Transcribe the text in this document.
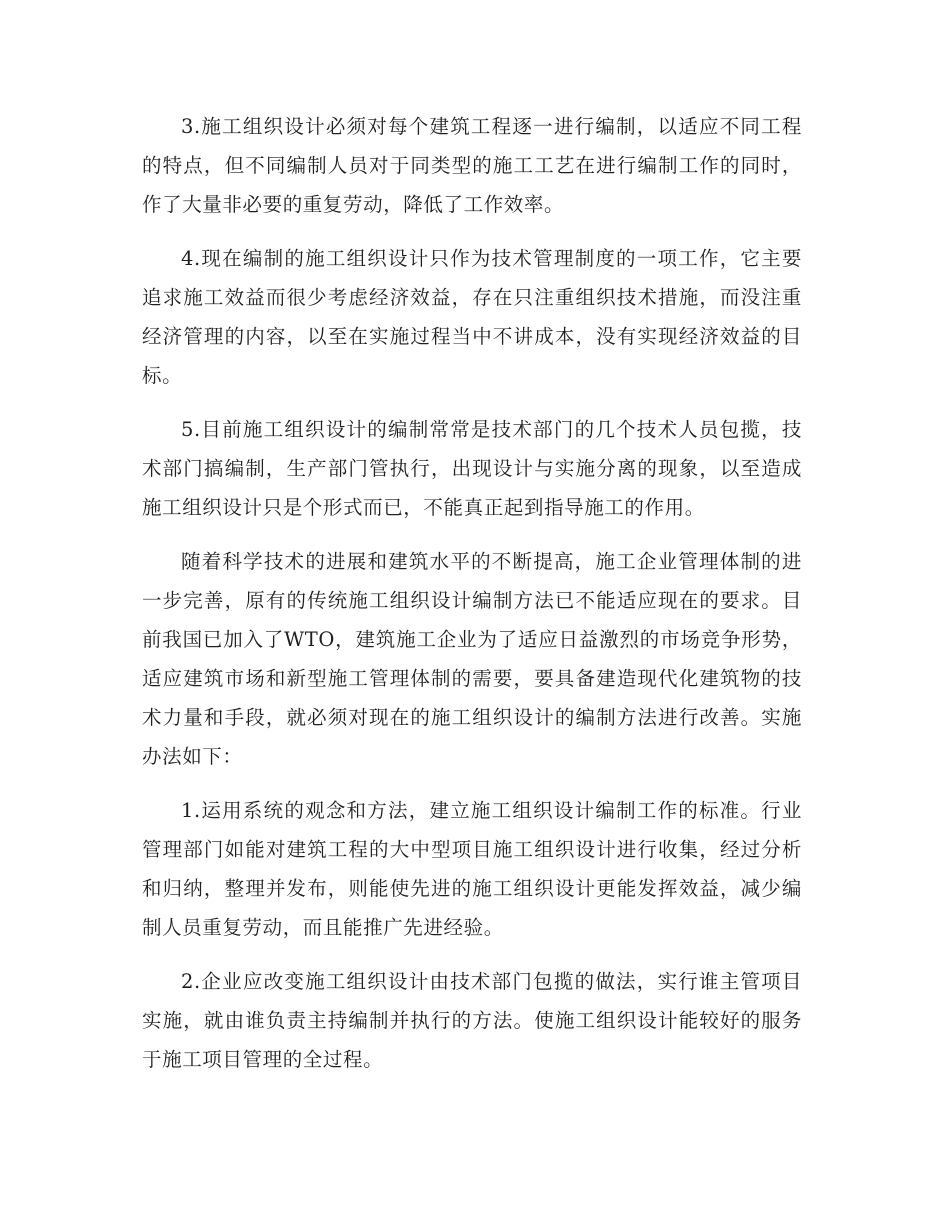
3.施工组织设计必须对每个建筑工程逐一进行编制，以适应不同工程的特点，但不同编制人员对于同类型的施工工艺在进行编制工作的同时，作了大量非必要的重复劳动，降低了工作效率。

4.现在编制的施工组织设计只作为技术管理制度的一项工作，它主要追求施工效益而很少考虑经济效益，存在只注重组织技术措施，而没注重经济管理的内容，以至在实施过程当中不讲成本，没有实现经济效益的目标。

5.目前施工组织设计的编制常常是技术部门的几个技术人员包揽，技术部门搞编制，生产部门管执行，出现设计与实施分离的现象，以至造成施工组织设计只是个形式而已，不能真正起到指导施工的作用。

随着科学技术的进展和建筑水平的不断提高，施工企业管理体制的进一步完善，原有的传统施工组织设计编制方法已不能适应现在的要求。目前我国已加入了WTO，建筑施工企业为了适应日益激烈的市场竞争形势，适应建筑市场和新型施工管理体制的需要，要具备建造现代化建筑物的技术力量和手段，就必须对现在的施工组织设计的编制方法进行改善。实施办法如下：

1.运用系统的观念和方法，建立施工组织设计编制工作的标准。行业管理部门如能对建筑工程的大中型项目施工组织设计进行收集，经过分析和归纳，整理并发布，则能使先进的施工组织设计更能发挥效益，减少编制人员重复劳动，而且能推广先进经验。

2.企业应改变施工组织设计由技术部门包揽的做法，实行谁主管项目实施，就由谁负责主持编制并执行的方法。使施工组织设计能较好的服务于施工项目管理的全过程。
